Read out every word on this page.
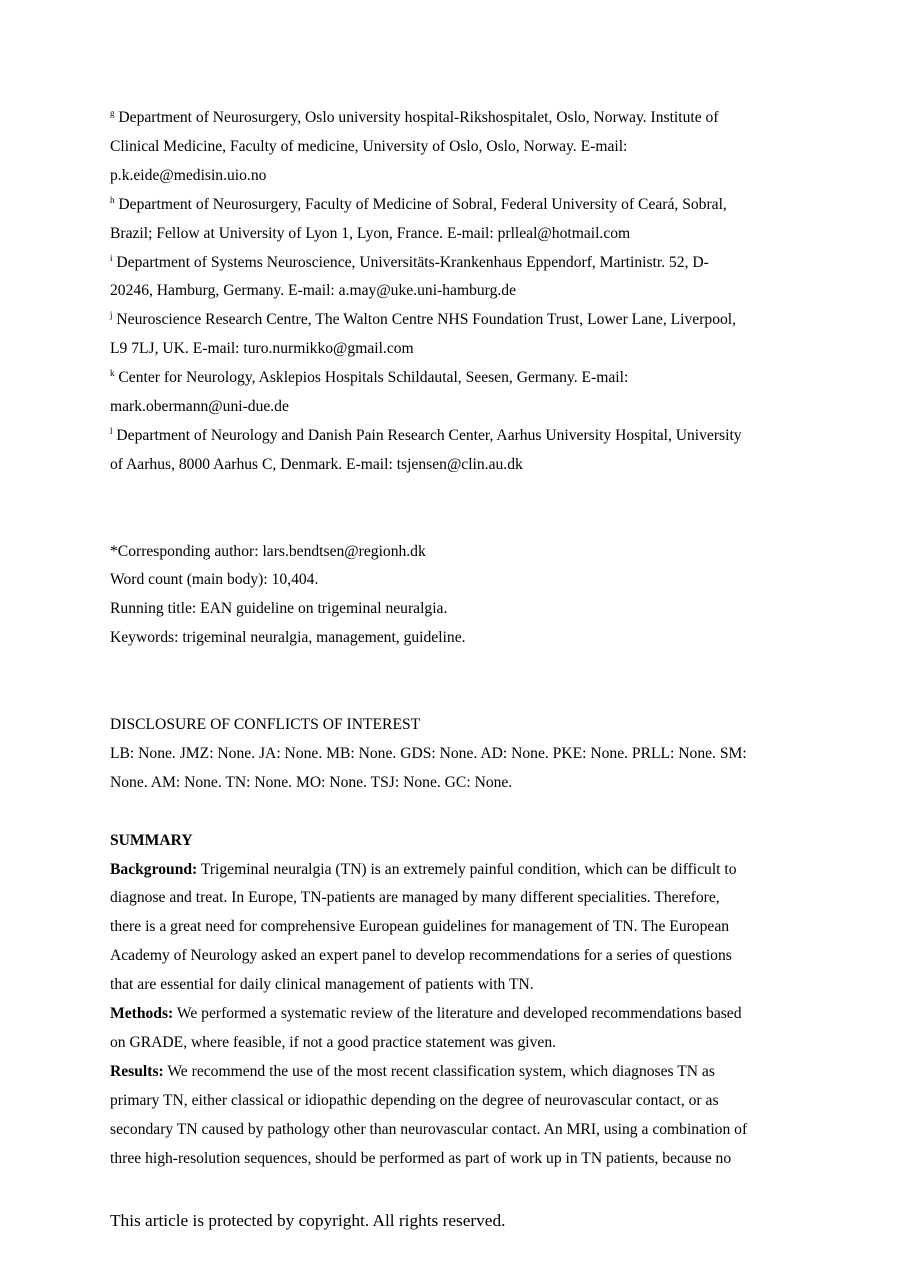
$^g$ Department of Neurosurgery, Oslo university hospital-Rikshospitalet, Oslo, Norway. Institute of
Clinical Medicine, Faculty of medicine, University of Oslo, Oslo, Norway. E-mail:
p.k.eide@medisin.uio.no
$^h$ Department of Neurosurgery, Faculty of Medicine of Sobral, Federal University of Ceará, Sobral,
Brazil; Fellow at University of Lyon 1, Lyon, France. E-mail: prlleal@hotmail.com
$^i$ Department of Systems Neuroscience, Universitäts-Krankenhaus Eppendorf, Martinistr. 52, D-
20246, Hamburg, Germany. E-mail: a.may@uke.uni-hamburg.de
$^j$ Neuroscience Research Centre, The Walton Centre NHS Foundation Trust, Lower Lane, Liverpool,
L9 7LJ, UK. E-mail: turo.nurmikko@gmail.com
$^k$ Center for Neurology, Asklepios Hospitals Schildautal, Seesen, Germany. E-mail:
mark.obermann@uni-due.de
$^l$ Department of Neurology and Danish Pain Research Center, Aarhus University Hospital, University
of Aarhus, 8000 Aarhus C, Denmark. E-mail: tsjensen@clin.au.dk
*Corresponding author: lars.bendtsen@regionh.dk
Word count (main body): 10,404.
Running title: EAN guideline on trigeminal neuralgia.
Keywords: trigeminal neuralgia, management, guideline.
DISCLOSURE OF CONFLICTS OF INTEREST
LB: None. JMZ: None. JA: None. MB: None. GDS: None. AD: None. PKE: None. PRLL: None. SM:
None. AM: None. TN: None. MO: None. TSJ: None. GC: None.
SUMMARY
Background: Trigeminal neuralgia (TN) is an extremely painful condition, which can be difficult to
diagnose and treat. In Europe, TN-patients are managed by many different specialities. Therefore,
there is a great need for comprehensive European guidelines for management of TN. The European
Academy of Neurology asked an expert panel to develop recommendations for a series of questions
that are essential for daily clinical management of patients with TN.
Methods: We performed a systematic review of the literature and developed recommendations based
on GRADE, where feasible, if not a good practice statement was given.
Results: We recommend the use of the most recent classification system, which diagnoses TN as
primary TN, either classical or idiopathic depending on the degree of neurovascular contact, or as
secondary TN caused by pathology other than neurovascular contact. An MRI, using a combination of
three high-resolution sequences, should be performed as part of work up in TN patients, because no
This article is protected by copyright. All rights reserved.
